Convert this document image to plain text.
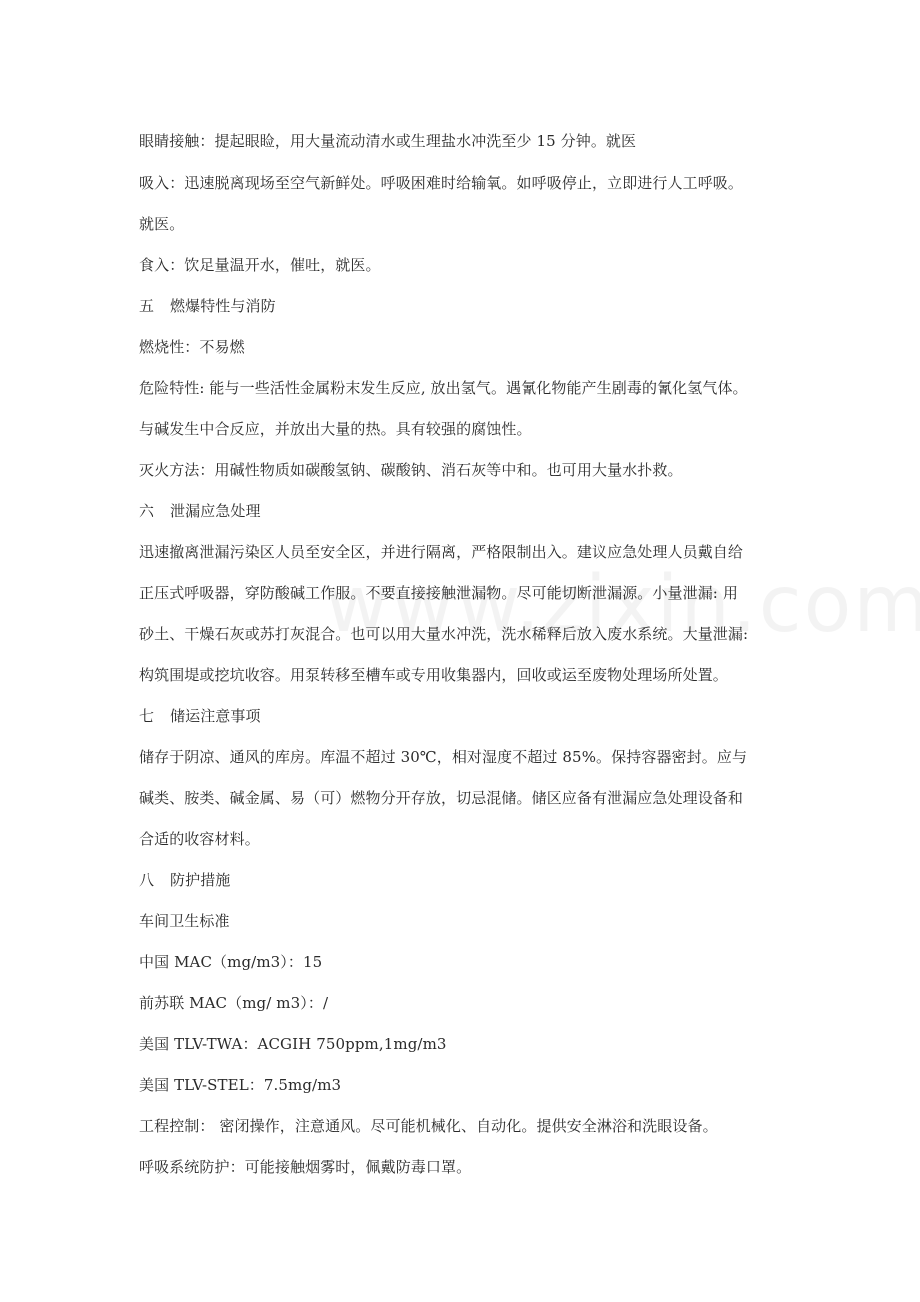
眼睛接触：提起眼睑，用大量流动清水或生理盐水冲洗至少 15 分钟。就医
吸入：迅速脱离现场至空气新鲜处。呼吸困难时给输氧。如呼吸停止，立即进行人工呼吸。
就医。
食入：饮足量温开水，催吐，就医。
五 燃爆特性与消防
燃烧性：不易燃
危险特性: 能与一些活性金属粉末发生反应, 放出氢气。遇氰化物能产生剧毒的氰化氢气体。
与碱发生中合反应，并放出大量的热。具有较强的腐蚀性。
灭火方法：用碱性物质如碳酸氢钠、碳酸钠、消石灰等中和。也可用大量水扑救。
六 泄漏应急处理
迅速撤离泄漏污染区人员至安全区，并进行隔离，严格限制出入。建议应急处理人员戴自给
正压式呼吸器，穿防酸碱工作服。不要直接接触泄漏物。尽可能切断泄漏源。小量泄漏: 用
砂土、干燥石灰或苏打灰混合。也可以用大量水冲洗，洗水稀释后放入废水系统。大量泄漏:
构筑围堤或挖坑收容。用泵转移至槽车或专用收集器内，回收或运至废物处理场所处置。
七 储运注意事项
储存于阴凉、通风的库房。库温不超过 30℃，相对湿度不超过 85%。保持容器密封。应与
碱类、胺类、碱金属、易（可）燃物分开存放，切忌混储。储区应备有泄漏应急处理设备和
合适的收容材料。
八 防护措施
车间卫生标准
中国 MAC（mg/m3）：15
前苏联 MAC（mg/ m3）：/
美国 TLV-TWA：ACGIH 750ppm,1mg/m3
美国 TLV-STEL：7.5mg/m3
工程控制： 密闭操作，注意通风。尽可能机械化、自动化。提供安全淋浴和洗眼设备。
呼吸系统防护：可能接触烟雾时，佩戴防毒口罩。
